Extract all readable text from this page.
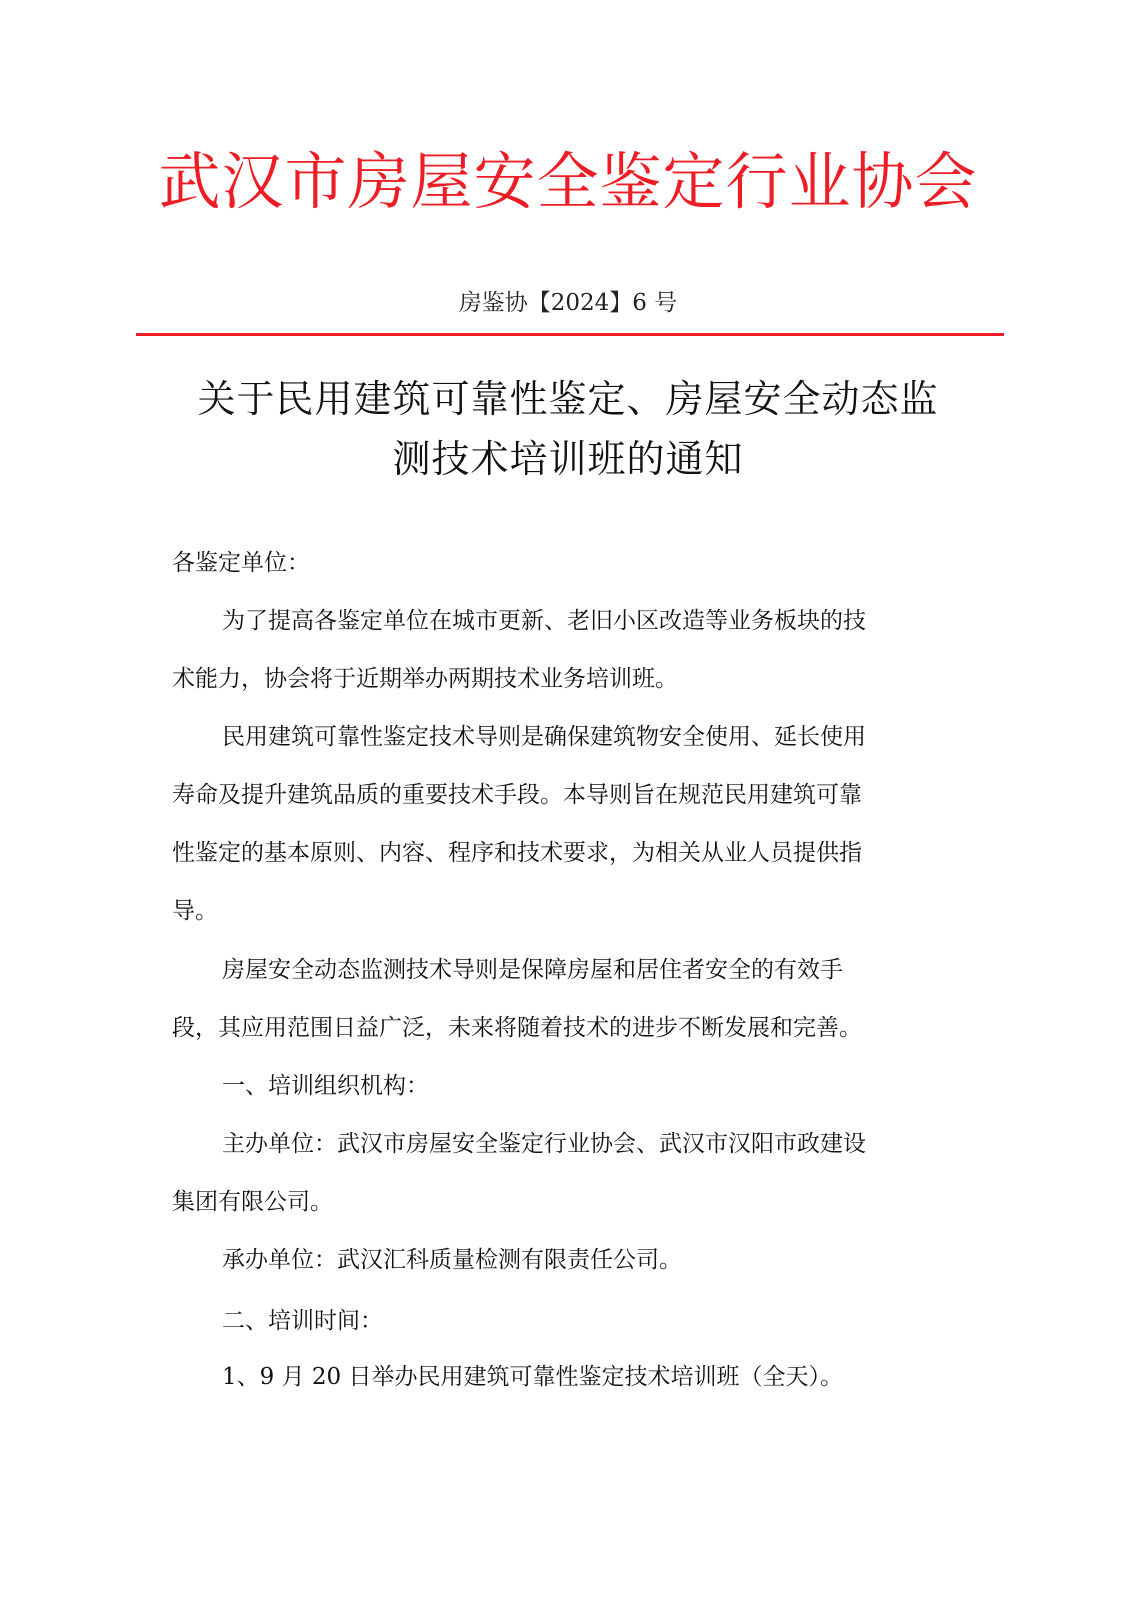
武汉市房屋安全鉴定行业协会
房鉴协【2024】6 号
关于民用建筑可靠性鉴定、房屋安全动态监
测技术培训班的通知
各鉴定单位：
为了提高各鉴定单位在城市更新、老旧小区改造等业务板块的技
术能力，协会将于近期举办两期技术业务培训班。
民用建筑可靠性鉴定技术导则是确保建筑物安全使用、延长使用
寿命及提升建筑品质的重要技术手段。本导则旨在规范民用建筑可靠
性鉴定的基本原则、内容、程序和技术要求，为相关从业人员提供指
导。
房屋安全动态监测技术导则是保障房屋和居住者安全的有效手
段，其应用范围日益广泛，未来将随着技术的进步不断发展和完善。
一、培训组织机构：
主办单位：武汉市房屋安全鉴定行业协会、武汉市汉阳市政建设
集团有限公司。
承办单位：武汉汇科质量检测有限责任公司。
二、培训时间：
1、9 月 20 日举办民用建筑可靠性鉴定技术培训班（全天）。
